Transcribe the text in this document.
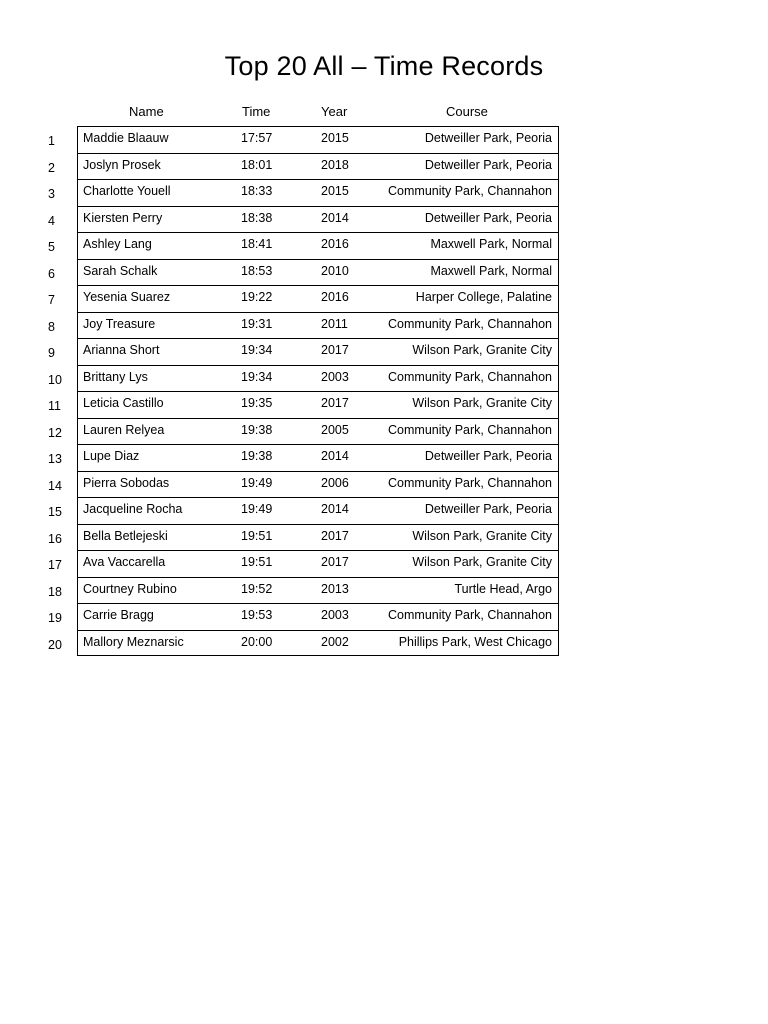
Top 20 All – Time Records
Name	Time	Year	Course
1	Maddie Blaauw	17:57	2015	Detweiller Park, Peoria
2	Joslyn Prosek	18:01	2018	Detweiller Park, Peoria
3	Charlotte Youell	18:33	2015	Community Park, Channahon
4	Kiersten Perry	18:38	2014	Detweiller Park, Peoria
5	Ashley Lang	18:41	2016	Maxwell Park, Normal
6	Sarah Schalk	18:53	2010	Maxwell Park, Normal
7	Yesenia Suarez	19:22	2016	Harper College, Palatine
8	Joy Treasure	19:31	2011	Community Park, Channahon
9	Arianna Short	19:34	2017	Wilson Park, Granite City
10	Brittany Lys	19:34	2003	Community Park, Channahon
11	Leticia Castillo	19:35	2017	Wilson Park, Granite City
12	Lauren Relyea	19:38	2005	Community Park, Channahon
13	Lupe Diaz	19:38	2014	Detweiller Park, Peoria
14	Pierra Sobodas	19:49	2006	Community Park, Channahon
15	Jacqueline Rocha	19:49	2014	Detweiller Park, Peoria
16	Bella Betlejeski	19:51	2017	Wilson Park, Granite City
17	Ava Vaccarella	19:51	2017	Wilson Park, Granite City
18	Courtney Rubino	19:52	2013	Turtle Head, Argo
19	Carrie Bragg	19:53	2003	Community Park, Channahon
20	Mallory Meznarsic	20:00	2002	Phillips Park, West Chicago
